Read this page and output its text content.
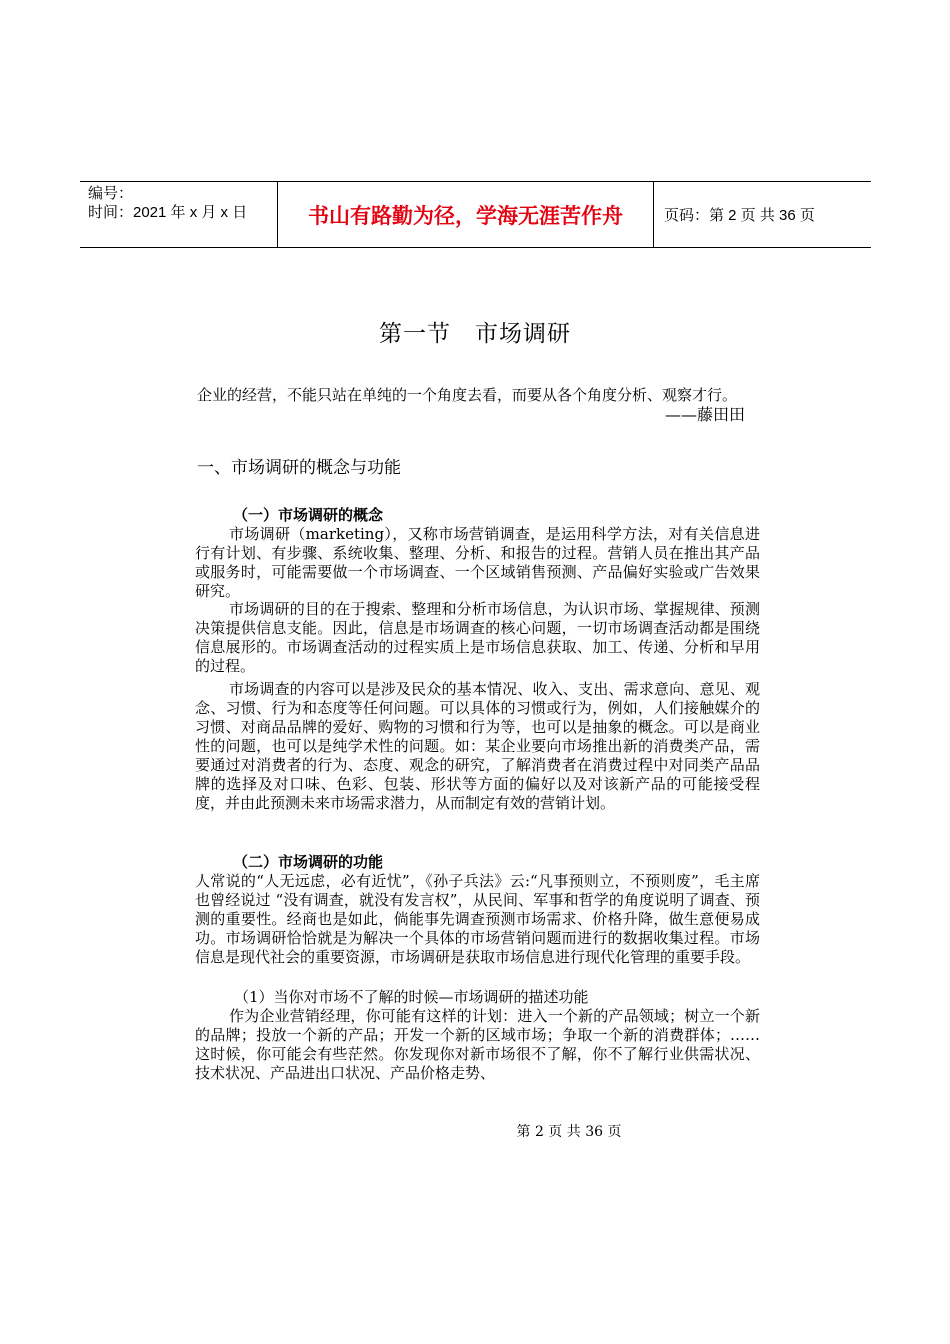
编号：
时间：2021 年 x 月 x 日	书山有路勤为径，学海无涯苦作舟	页码：第 2 页 共 36 页
第一节　市场调研
企业的经营，不能只站在单纯的一个角度去看，而要从各个角度分析、观察才行。
——藤田田
一、市场调研的概念与功能
（一）市场调研的概念

市场调研（marketing），又称市场营销调查，是运用科学方法，对有关信息进行有计划、有步骤、系统收集、整理、分析、和报告的过程。营销人员在推出其产品或服务时，可能需要做一个市场调查、一个区域销售预测、产品偏好实验或广告效果研究。

市场调研的目的在于搜索、整理和分析市场信息，为认识市场、掌握规律、预测决策提供信息支能。因此，信息是市场调查的核心问题，一切市场调查活动都是围绕信息展形的。市场调查活动的过程实质上是市场信息获取、加工、传递、分析和早用的过程。

市场调查的内容可以是涉及民众的基本情况、收入、支出、需求意向、意见、观念、习惯、行为和态度等任何问题。可以具体的习惯或行为，例如，人们接触媒介的习惯、对商品品牌的爱好、购物的习惯和行为等，也可以是抽象的概念。可以是商业性的问题，也可以是纯学术性的问题。如：某企业要向市场推出新的消费类产品，需要通过对消费者的行为、态度、观念的研究，了解消费者在消费过程中对同类产品品牌的选择及对口味、色彩、包装、形状等方面的偏好以及对该新产品的可能接受程度，并由此预测未来市场需求潜力，从而制定有效的营销计划。

（二）市场调研的功能

人常说的“人无远虑，必有近忧”，《孙子兵法》云:“凡事预则立，不预则废”，毛主席也曾经说过 “没有调查，就没有发言权”，从民间、军事和哲学的角度说明了调查、预测的重要性。经商也是如此，倘能事先调查预测市场需求、价格升降，做生意便易成功。市场调研恰恰就是为解决一个具体的市场营销问题而进行的数据收集过程。市场信息是现代社会的重要资源，市场调研是获取市场信息进行现代化管理的重要手段。

（1）当你对市场不了解的时候—市场调研的描述功能

作为企业营销经理，你可能有这样的计划：进入一个新的产品领域；树立一个新的品牌；投放一个新的产品；开发一个新的区域市场；争取一个新的消费群体；……这时候，你可能会有些茫然。你发现你对新市场很不了解，你不了解行业供需状况、技术状况、产品进出口状况、产品价格走势、

第 2 页 共 36 页
